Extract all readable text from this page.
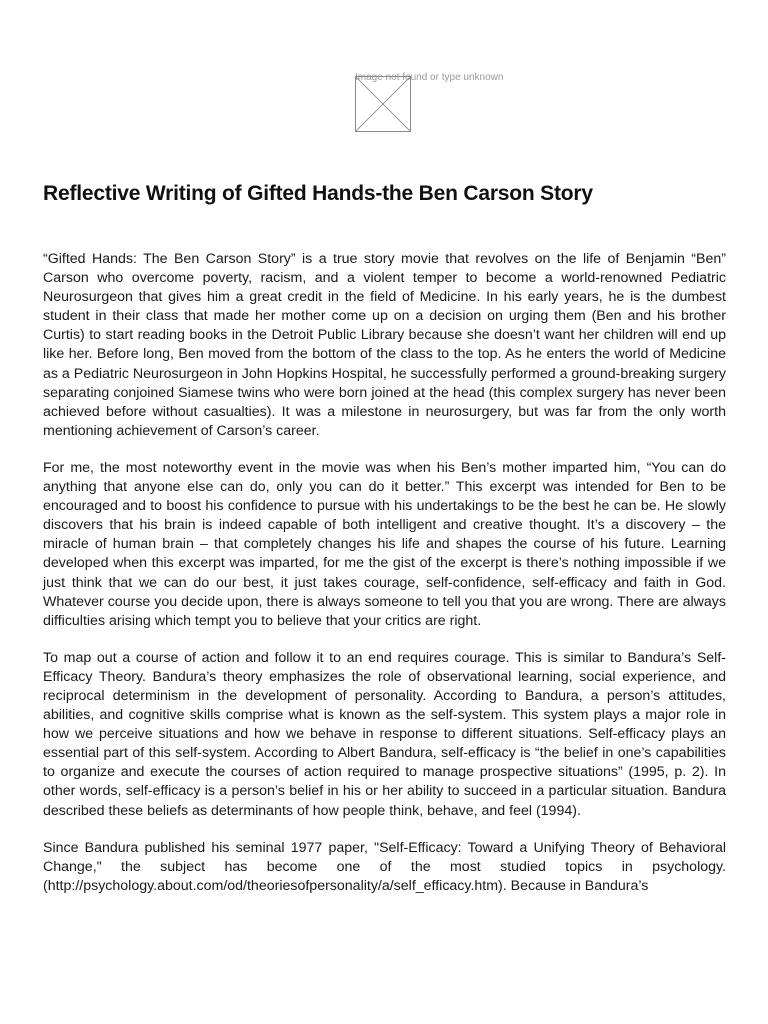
Image not found or type unknown
Reflective Writing of Gifted Hands-the Ben Carson Story

“Gifted Hands: The Ben Carson Story” is a true story movie that revolves on the life of Benjamin “Ben” Carson who overcome poverty, racism, and a violent temper to become a world-renowned Pediatric Neurosurgeon that gives him a great credit in the field of Medicine. In his early years, he is the dumbest student in their class that made her mother come up on a decision on urging them (Ben and his brother Curtis) to start reading books in the Detroit Public Library because she doesn’t want her children will end up like her. Before long, Ben moved from the bottom of the class to the top. As he enters the world of Medicine as a Pediatric Neurosurgeon in John Hopkins Hospital, he successfully performed a ground-breaking surgery separating conjoined Siamese twins who were born joined at the head (this complex surgery has never been achieved before without casualties). It was a milestone in neurosurgery, but was far from the only worth mentioning achievement of Carson’s career.

For me, the most noteworthy event in the movie was when his Ben’s mother imparted him, “You can do anything that anyone else can do, only you can do it better.” This excerpt was intended for Ben to be encouraged and to boost his confidence to pursue with his undertakings to be the best he can be. He slowly discovers that his brain is indeed capable of both intelligent and creative thought. It’s a discovery – the miracle of human brain – that completely changes his life and shapes the course of his future. Learning developed when this excerpt was imparted, for me the gist of the excerpt is there’s nothing impossible if we just think that we can do our best, it just takes courage, self-confidence, self-efficacy and faith in God. Whatever course you decide upon, there is always someone to tell you that you are wrong. There are always difficulties arising which tempt you to believe that your critics are right.

To map out a course of action and follow it to an end requires courage. This is similar to Bandura’s Self-Efficacy Theory. Bandura’s theory emphasizes the role of observational learning, social experience, and reciprocal determinism in the development of personality. According to Bandura, a person’s attitudes, abilities, and cognitive skills comprise what is known as the self-system. This system plays a major role in how we perceive situations and how we behave in response to different situations. Self-efficacy plays an essential part of this self-system. According to Albert Bandura, self-efficacy is “the belief in one’s capabilities to organize and execute the courses of action required to manage prospective situations” (1995, p. 2). In other words, self-efficacy is a person’s belief in his or her ability to succeed in a particular situation. Bandura described these beliefs as determinants of how people think, behave, and feel (1994).

Since Bandura published his seminal 1977 paper, "Self-Efficacy: Toward a Unifying Theory of Behavioral Change," the subject has become one of the most studied topics in psychology. (http://psychology.about.com/od/theoriesofpersonality/a/self_efficacy.htm). Because in Bandura’s
